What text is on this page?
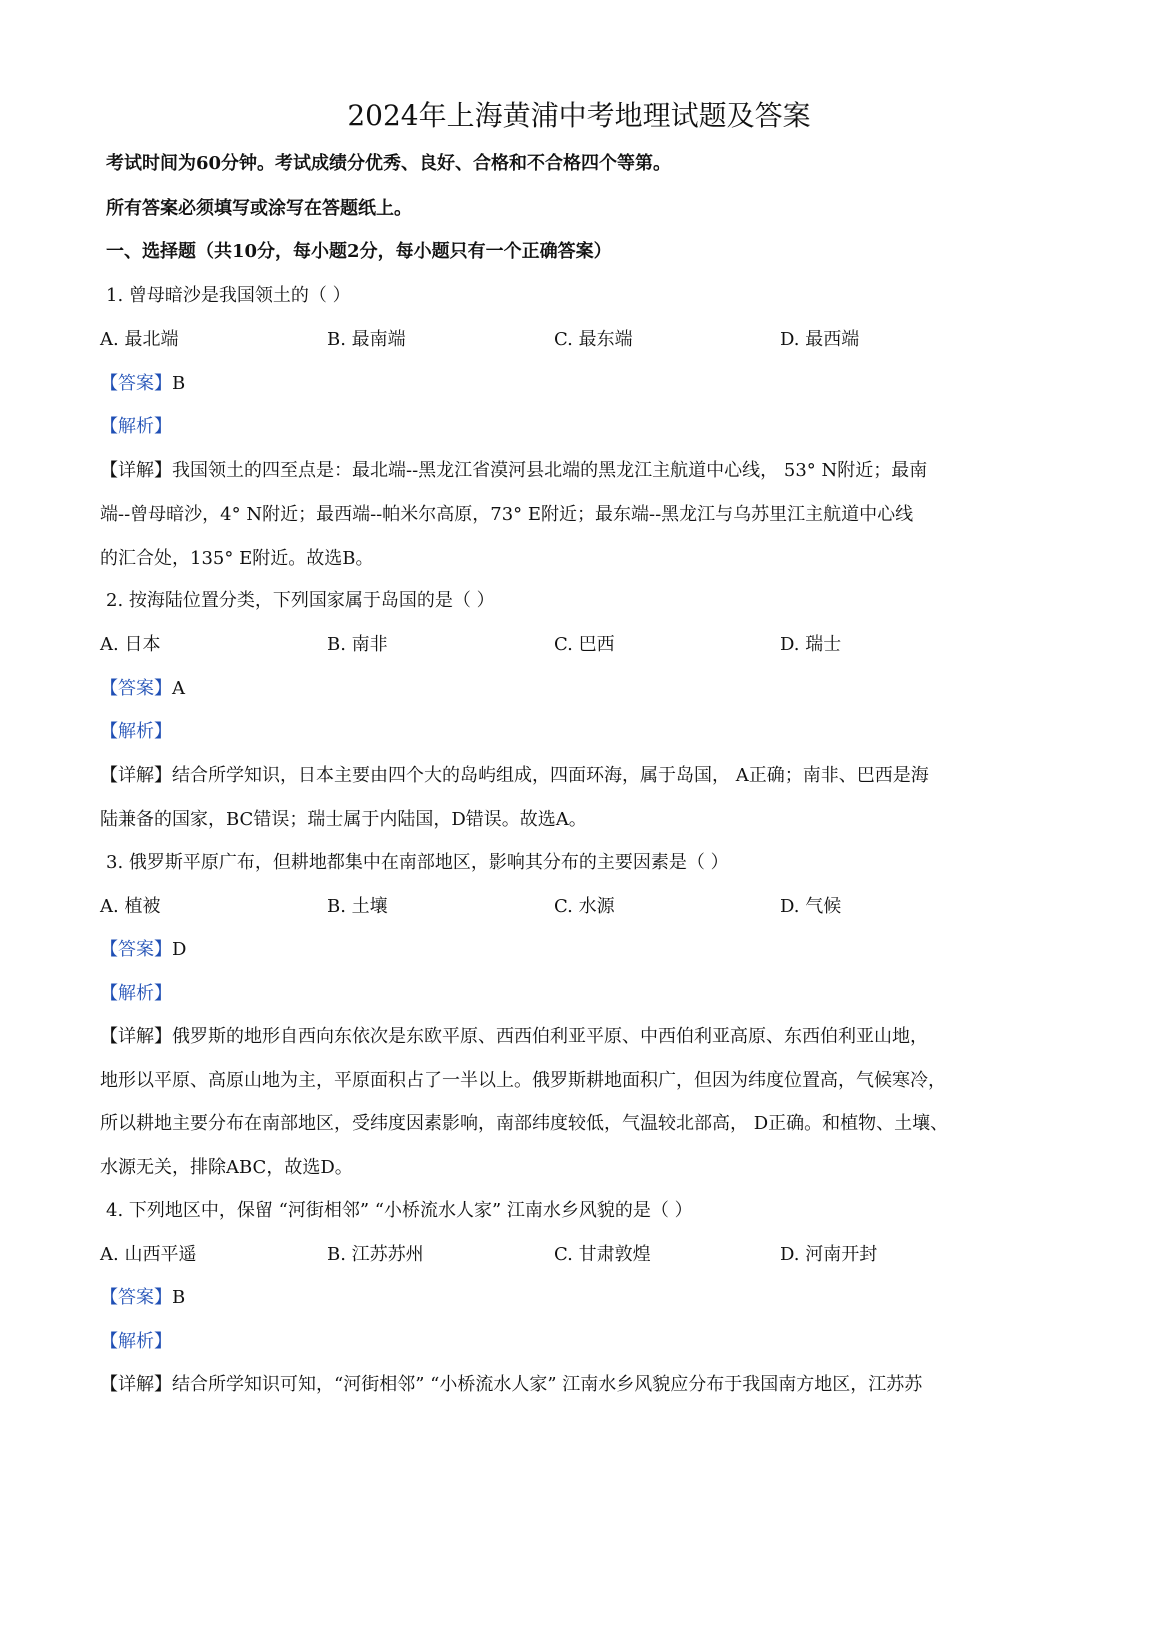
2024年上海黄浦中考地理试题及答案
考试时间为60分钟。考试成绩分优秀、良好、合格和不合格四个等第。
所有答案必须填写或涂写在答题纸上。
一、选择题（共10分，每小题2分，每小题只有一个正确答案）
1. 曾母暗沙是我国领土的（ ）
A. 最北端	B. 最南端	C. 最东端	D. 最西端
【答案】B
【解析】
【详解】我国领土的四至点是：最北端--黑龙江省漠河县北端的黑龙江主航道中心线， 53° N附近；最南
端--曾母暗沙，4° N附近；最西端--帕米尔高原，73° E附近；最东端--黑龙江与乌苏里江主航道中心线
的汇合处，135° E附近。故选B。
2. 按海陆位置分类，下列国家属于岛国的是（ ）
A. 日本	B. 南非	C. 巴西	D. 瑞士
【答案】A
【解析】
【详解】结合所学知识，日本主要由四个大的岛屿组成，四面环海，属于岛国， A正确；南非、巴西是海
陆兼备的国家，BC错误；瑞士属于内陆国，D错误。故选A。
3. 俄罗斯平原广布，但耕地都集中在南部地区，影响其分布的主要因素是（ ）
A. 植被	B. 土壤	C. 水源	D. 气候
【答案】D
【解析】
【详解】俄罗斯的地形自西向东依次是东欧平原、西西伯利亚平原、中西伯利亚高原、东西伯利亚山地，
地形以平原、高原山地为主，平原面积占了一半以上。俄罗斯耕地面积广，但因为纬度位置高，气候寒冷，
所以耕地主要分布在南部地区，受纬度因素影响，南部纬度较低，气温较北部高， D正确。和植物、土壤、
水源无关，排除ABC，故选D。
4. 下列地区中，保留 “河街相邻” “小桥流水人家” 江南水乡风貌的是（ ）
A. 山西平遥	B. 江苏苏州	C. 甘肃敦煌	D. 河南开封
【答案】B
【解析】
【详解】结合所学知识可知，“河街相邻” “小桥流水人家” 江南水乡风貌应分布于我国南方地区，江苏苏
